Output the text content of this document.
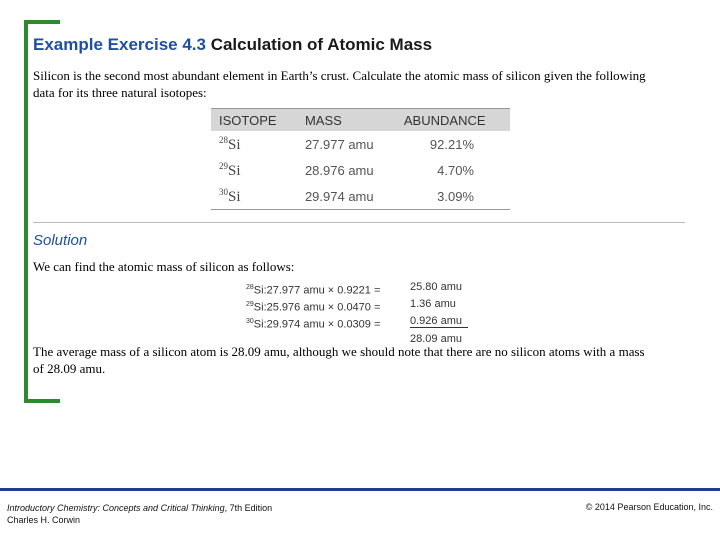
Example Exercise 4.3 Calculation of Atomic Mass

Silicon is the second most abundant element in Earth’s crust. Calculate the atomic mass of silicon given the following data for its three natural isotopes:

ISOTOPE	MASS	ABUNDANCE
$^{28}$Si	27.977 amu	92.21%
$^{29}$Si	28.976 amu	4.70%
$^{30}$Si	29.974 amu	3.09%
Solution

We can find the atomic mass of silicon as follows:

$^{28}$Si:27.977 amu × 0.9221 =	25.80 amu
$^{29}$Si:25.976 amu × 0.0470 =	1.36 amu
$^{30}$Si:29.974 amu × 0.0309 =	0.926 amu
28.09 amu

The average mass of a silicon atom is 28.09 amu, although we should note that there are no silicon atoms with a mass of 28.09 amu.

Introductory Chemistry: Concepts and Critical Thinking, 7th Edition
Charles H. Corwin
© 2014 Pearson Education, Inc.
